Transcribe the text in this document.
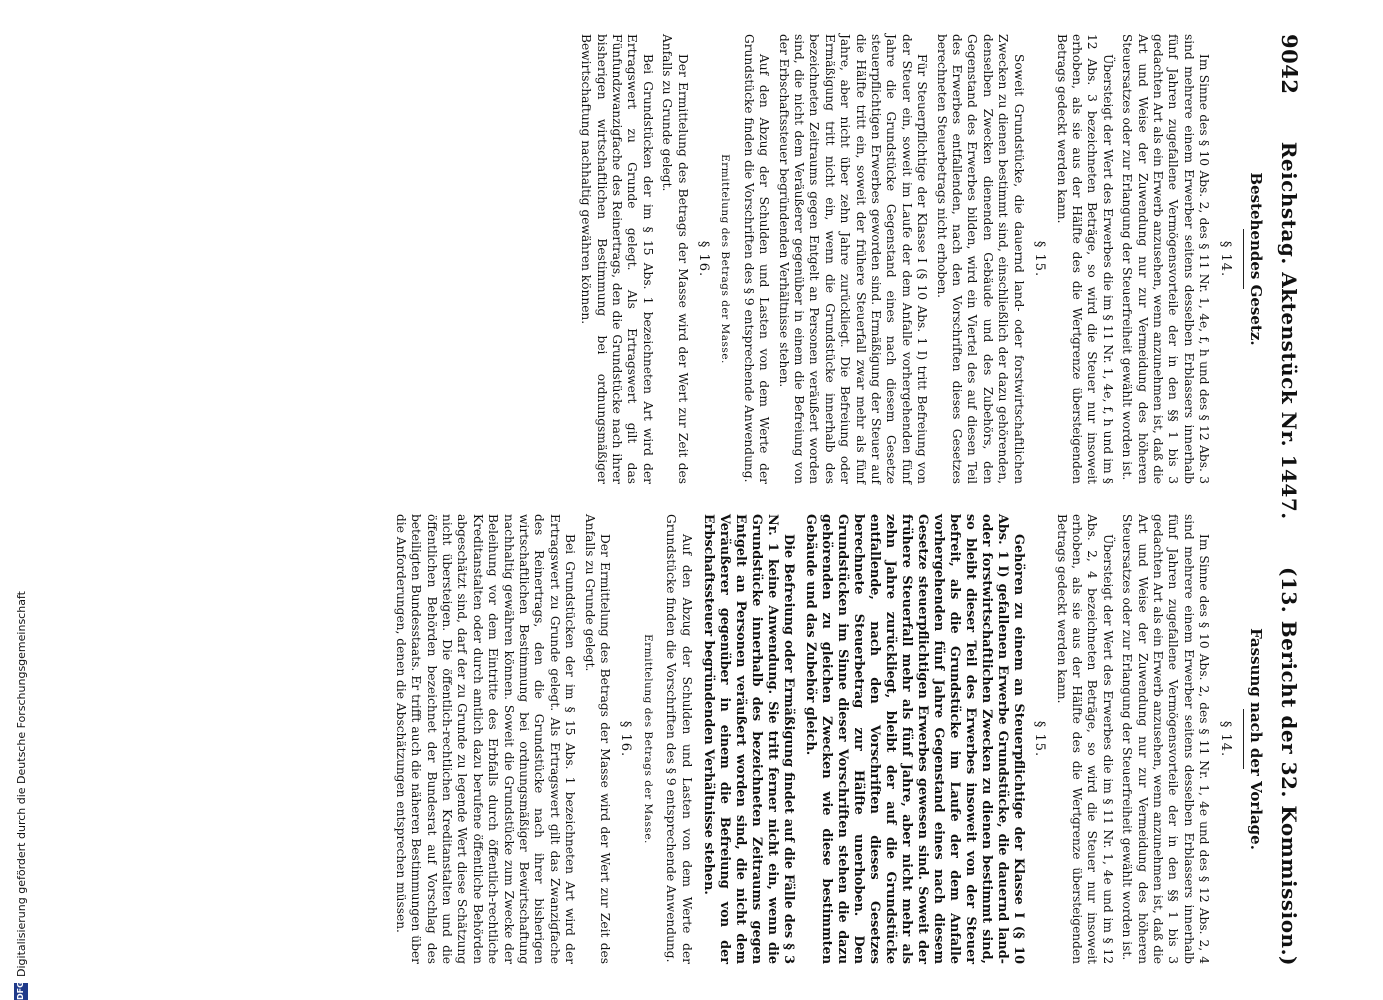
9042
Reichstag. Aktenstück Nr. 1447.
(13. Bericht der 32. Kommission.)
Bestehendes Gesetz.
§ 14.

Im Sinne des § 10 Abs. 2, des § 11 Nr. 1, 4e, f, h und des § 12 Abs. 3 sind mehrere einem Erwerber seitens desselben Erblassers innerhalb fünf Jahren zugefallene Vermögensvorteile der in den §§ 1 bis 3 gedachten Art als ein Erwerb anzusehen, wenn anzunehmen ist, daß die Art und Weise der Zuwendung nur zur Vermeidung des höheren Steuersatzes oder zur Erlangung der Steuerfreiheit gewählt worden ist.

Übersteigt der Wert des Erwerbes die im § 11 Nr. 1, 4e, f, h und im § 12 Abs. 3 bezeichneten Beträge, so wird die Steuer nur insoweit erhoben, als sie aus der Hälfte des die Wertgrenze übersteigenden Betrags gedeckt werden kann.

§ 15.

Soweit Grundstücke, die dauernd land- oder forstwirtschaftlichen Zwecken zu dienen bestimmt sind, einschließlich der dazu gehörenden, denselben Zwecken dienenden Gebäude und des Zubehörs, den Gegenstand des Erwerbes bilden, wird ein Viertel des auf diesen Teil des Erwerbes entfallenden, nach den Vorschriften dieses Gesetzes berechneten Steuerbetrags nicht erhoben.

Für Steuerpflichtige der Klasse I (§ 10 Abs. 1 I) tritt Befreiung von der Steuer ein, soweit im Laufe der dem Anfalle vorhergehenden fünf Jahre die Grundstücke Gegenstand eines nach diesem Gesetze steuerpflichtigen Erwerbes geworden sind. Ermäßigung der Steuer auf die Hälfte tritt ein, soweit der frühere Steuerfall zwar mehr als fünf Jahre, aber nicht über zehn Jahre zurückliegt. Die Befreiung oder Ermäßigung tritt nicht ein, wenn die Grundstücke innerhalb des bezeichneten Zeitraums gegen Entgelt an Personen veräußert worden sind, die nicht dem Veräußerer gegenüber in einem die Befreiung von der Erbschaftssteuer begründenden Verhältnisse stehen.

Auf den Abzug der Schulden und Lasten von dem Werte der Grundstücke finden die Vorschriften des § 9 entsprechende Anwendung.

Ermittelung des Betrags der Masse.
§ 16.

Der Ermittelung des Betrags der Masse wird der Wert zur Zeit des Anfalls zu Grunde gelegt.

Bei Grundstücken der im § 15 Abs. 1 bezeichneten Art wird der Ertragswert zu Grunde gelegt. Als Ertragswert gilt das Fünfundzwanzigfache des Reinertrags, den die Grundstücke nach ihrer bisherigen wirtschaftlichen Bestimmung bei ordnungsmäßiger Bewirtschaftung nachhaltig gewähren können.

Fassung nach der Vorlage.
§ 14.

Im Sinne des § 10 Abs. 2, des § 11 Nr. 1, 4e und des § 12 Abs. 2, 4 sind mehrere einem Erwerber seitens desselben Erblassers innerhalb fünf Jahren zugefallene Vermögensvorteile der in den §§ 1 bis 3 gedachten Art als ein Erwerb anzusehen, wenn anzunehmen ist, daß die Art und Weise der Zuwendung nur zur Vermeidung des höheren Steuersatzes oder zur Erlangung der Steuerfreiheit gewählt worden ist.

Übersteigt der Wert des Erwerbes die im § 11 Nr. 1, 4e und im § 12 Abs. 2, 4 bezeichneten Beträge, so wird die Steuer nur insoweit erhoben, als sie aus der Hälfte des die Wertgrenze übersteigenden Betrags gedeckt werden kann.

§ 15.

Gehören zu einem an Steuerpflichtige der Klasse I (§ 10 Abs. 1 I) gefallenen Erwerbe Grundstücke, die dauernd land- oder forstwirtschaftlichen Zwecken zu dienen bestimmt sind, so bleibt dieser Teil des Erwerbes insoweit von der Steuer befreit, als die Grundstücke im Laufe der dem Anfalle vorhergehenden fünf Jahre Gegenstand eines nach diesem Gesetze steuerpflichtigen Erwerbes gewesen sind. Soweit der frühere Steuerfall mehr als fünf Jahre, aber nicht mehr als zehn Jahre zurückliegt, bleibt der auf die Grundstücke entfallende, nach den Vorschriften dieses Gesetzes berechnete Steuerbetrag zur Hälfte unerhoben. Den Grundstücken im Sinne dieser Vorschriften stehen die dazu gehörenden zu gleichen Zwecken wie diese bestimmten Gebäude und das Zubehör gleich.

Die Befreiung oder Ermäßigung findet auf die Fälle des § 3 Nr. 1 keine Anwendung. Sie tritt ferner nicht ein, wenn die Grundstücke innerhalb des bezeichneten Zeitraums gegen Entgelt an Personen veräußert worden sind, die nicht dem Veräußerer gegenüber in einem die Befreiung von der Erbschaftssteuer begründenden Verhältnisse stehen.

Auf den Abzug der Schulden und Lasten von dem Werte der Grundstücke finden die Vorschriften des § 9 entsprechende Anwendung.

Ermittelung des Betrags der Masse.
§ 16.

Der Ermittelung des Betrags der Masse wird der Wert zur Zeit des Anfalls zu Grunde gelegt.

Bei Grundstücken der im § 15 Abs. 1 bezeichneten Art wird der Ertragswert zu Grunde gelegt. Als Ertragswert gilt das Zwanzigfache des Reinertrags, den die Grundstücke nach ihrer bisherigen wirtschaftlichen Bestimmung bei ordnungsmäßiger Bewirtschaftung nachhaltig gewähren können. Soweit die Grundstücke zum Zwecke der Beleihung vor dem Eintritte des Erbfalls durch öffentlich-rechtliche Kreditanstalten oder durch amtlich dazu berufene öffentliche Behörden abgeschätzt sind, darf der zu Grunde zu legende Wert diese Schätzung nicht übersteigen. Die öffentlich-rechtlichen Kreditanstalten und die öffentlichen Behörden bezeichnet der Bundesrat auf Vorschlag des beteiligten Bundesstaats. Er trifft auch die näheren Bestimmungen über die Anforderungen, denen die Abschätzungen entsprechen müssen.

DFG
Digitalisierung gefördert durch die Deutsche Forschungsgemeinschaft
